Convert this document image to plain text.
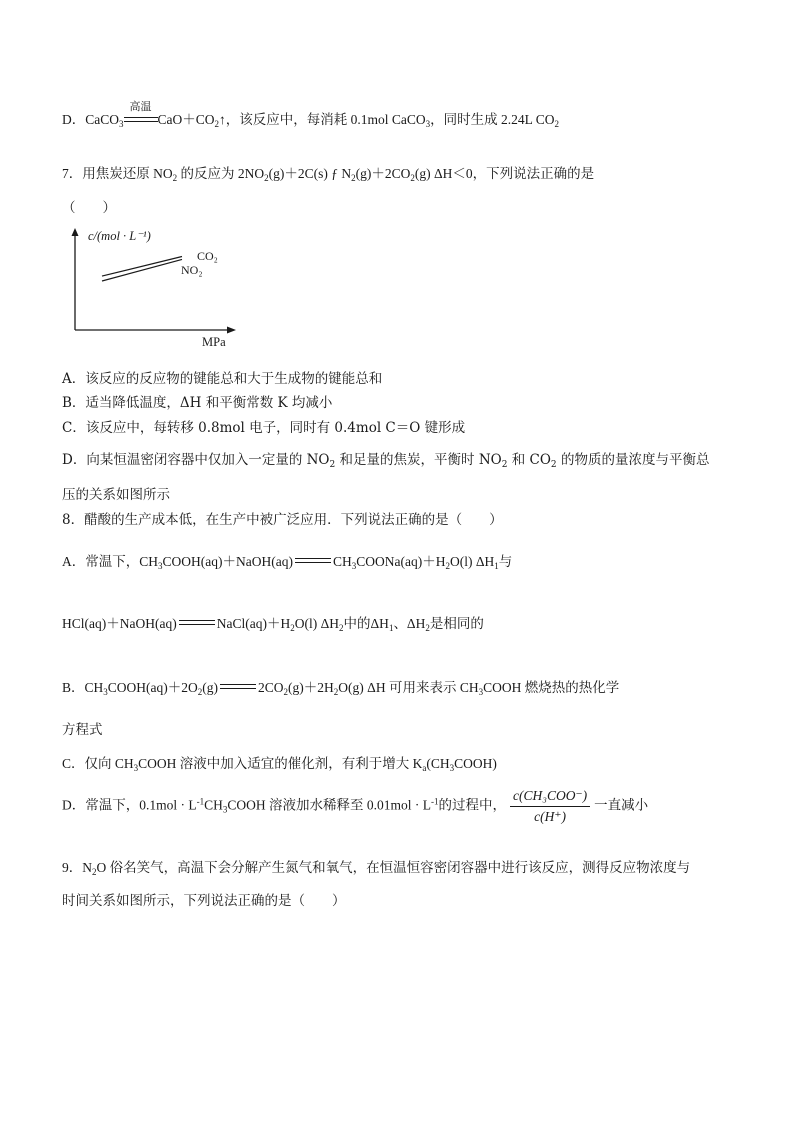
D．CaCO$_3$
高温
$CaO+CO_2↑$，该反应中，每消耗 0.1mol CaCO$_3$，同时生成 2.24L $CO_2$
7．用焦炭还原 $NO_2$ 的反应为 $2NO_2(g)+2C(s)$ ƒ $N_2(g)+2CO_2(g)$ ΔH＜0，下列说法正确的是
（　　）
c/(mol · L⁻¹)
MPa
CO₂
NO₂
A．该反应的反应物的键能总和大于生成物的键能总和
B．适当降低温度，ΔH 和平衡常数 K 均减小
C．该反应中，每转移 0.8mol 电子，同时有 0.4mol C＝O 键形成
D．向某恒温密闭容器中仅加入一定量的 $NO_2$ 和足量的焦炭，平衡时 $NO_2$ 和 $CO_2$ 的物质的量浓度与平衡总
压的关系如图所示
8．醋酸的生产成本低，在生产中被广泛应用．下列说法正确的是（　　）
A．常温下，$CH_3COOH(aq)+NaOH(aq)$	$CH_3COONa(aq)+H_2O(l)$ $\Delta H_1$与
HCl(aq)＋NaOH(aq)	$NaCl(aq)+H_2O(l)$ $\Delta H_2$中的$\Delta H_1$、$\Delta H_2$是相同的
B．$CH_3COOH(aq)+2O_2(g)$	$2CO_2(g)+2H_2O(g)$ ΔH 可用来表示 $CH_3COOH$ 燃烧热的热化学
方程式
C．仅向 $CH_3COOH$ 溶液中加入适宜的催化剂，有利于增大 $K_a(CH_3COOH)$
D．常温下，$0.1mol \cdot L^{-1}CH_3COOH$ 溶液加水稀释至 $0.01mol \cdot L^{-1}$的过程中， $\frac{\text{c(CH₃COO⁻)}}{c(H^+)}$ 一直减小
9．$N_2O$ 俗名笑气，高温下会分解产生氮气和氧气，在恒温恒容密闭容器中进行该反应，测得反应物浓度与
时间关系如图所示，下列说法正确的是（　　）
